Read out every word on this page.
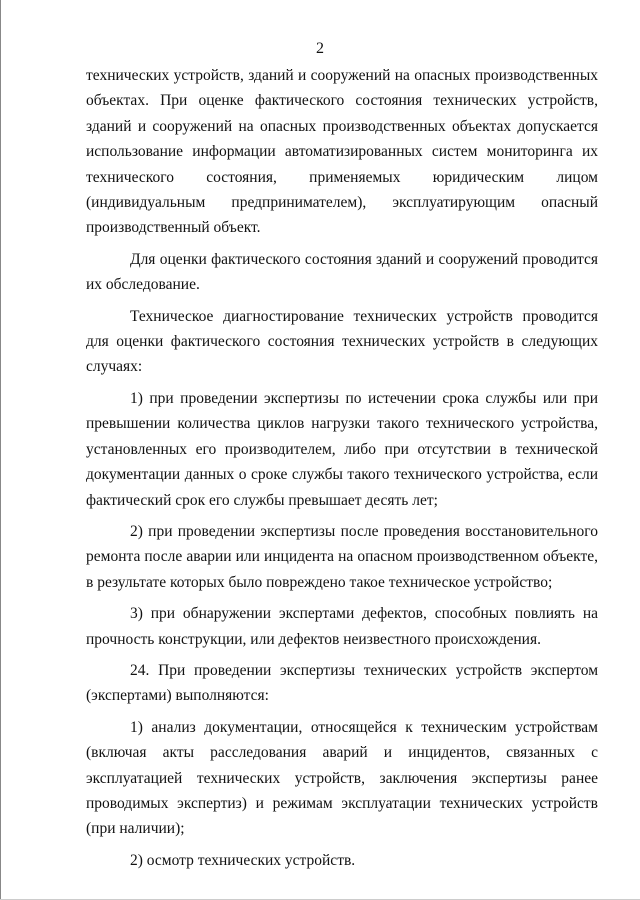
2

технических устройств, зданий и сооружений на опасных производственных объектах. При оценке фактического состояния технических устройств, зданий и сооружений на опасных производственных объектах допускается использование информации автоматизированных систем мониторинга их технического состояния, применяемых юридическим лицом (индивидуальным предпринимателем), эксплуатирующим опасный производственный объект.

Для оценки фактического состояния зданий и сооружений проводится их обследование.

Техническое диагностирование технических устройств проводится для оценки фактического состояния технических устройств в следующих случаях:

1) при проведении экспертизы по истечении срока службы или при превышении количества циклов нагрузки такого технического устройства, установленных его производителем, либо при отсутствии в технической документации данных о сроке службы такого технического устройства, если фактический срок его службы превышает десять лет;

2) при проведении экспертизы после проведения восстановительного ремонта после аварии или инцидента на опасном производственном объекте, в результате которых было повреждено такое техническое устройство;

3) при обнаружении экспертами дефектов, способных повлиять на прочность конструкции, или дефектов неизвестного происхождения.

24. При проведении экспертизы технических устройств экспертом (экспертами) выполняются:

1) анализ документации, относящейся к техническим устройствам (включая акты расследования аварий и инцидентов, связанных с эксплуатацией технических устройств, заключения экспертизы ранее проводимых экспертиз) и режимам эксплуатации технических устройств (при наличии);

2) осмотр технических устройств.
